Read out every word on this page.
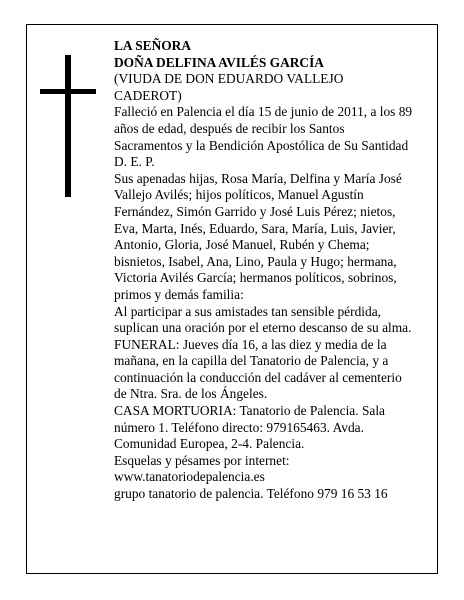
LA SEÑORA
DOÑA DELFINA AVILÉS GARCÍA
(VIUDA DE DON EDUARDO VALLEJO
CADEROT)

Falleció en Palencia el día 15 de junio de 2011, a los 89
años de edad, después de recibir los Santos
Sacramentos y la Bendición Apostólica de Su Santidad
D. E. P.

Sus apenadas hijas, Rosa María, Delfina y María José
Vallejo Avilés; hijos políticos, Manuel Agustín
Fernández, Simón Garrido y José Luis Pérez; nietos,
Eva, Marta, Inés, Eduardo, Sara, María, Luis, Javier,
Antonio, Gloria, José Manuel, Rubén y Chema;
bisnietos, Isabel, Ana, Lino, Paula y Hugo; hermana,
Victoria Avilés García; hermanos políticos, sobrinos,
primos y demás familia:

Al participar a sus amistades tan sensible pérdida,
suplican una oración por el eterno descanso de su alma.

FUNERAL: Jueves día 16, a las diez y media de la
mañana, en la capilla del Tanatorio de Palencia, y a
continuación la conducción del cadáver al cementerio
de Ntra. Sra. de los Ángeles.

CASA MORTUORIA: Tanatorio de Palencia. Sala
número 1. Teléfono directo: 979165463. Avda.
Comunidad Europea, 2-4. Palencia.

Esquelas y pésames por internet:
www.tanatoriodepalencia.es
grupo tanatorio de palencia. Teléfono 979 16 53 16
